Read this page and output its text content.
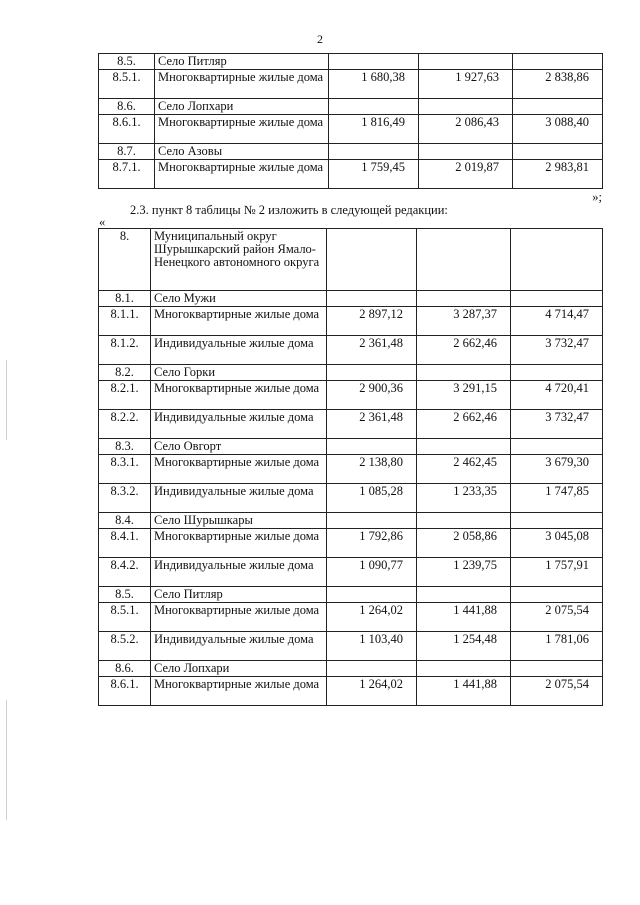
2
8.5.	Село Питляр			
8.5.1.	Многоквартирные жилые дома	1 680,38	1 927,63	2 838,86
8.6.	Село Лопхари			
8.6.1.	Многоквартирные жилые дома	1 816,49	2 086,43	3 088,40
8.7.	Село Азовы			
8.7.1.	Многоквартирные жилые дома	1 759,45	2 019,87	2 983,81
»;
2.3. пункт 8 таблицы № 2 изложить в следующей редакции:
«
8.	Муниципальный округ Шурышкарский район Ямало-Ненецкого автономного округа			
8.1.	Село Мужи			
8.1.1.	Многоквартирные жилые дома	2 897,12	3 287,37	4 714,47
8.1.2.	Индивидуальные жилые дома	2 361,48	2 662,46	3 732,47
8.2.	Село Горки			
8.2.1.	Многоквартирные жилые дома	2 900,36	3 291,15	4 720,41
8.2.2.	Индивидуальные жилые дома	2 361,48	2 662,46	3 732,47
8.3.	Село Овгорт			
8.3.1.	Многоквартирные жилые дома	2 138,80	2 462,45	3 679,30
8.3.2.	Индивидуальные жилые дома	1 085,28	1 233,35	1 747,85
8.4.	Село Шурышкары			
8.4.1.	Многоквартирные жилые дома	1 792,86	2 058,86	3 045,08
8.4.2.	Индивидуальные жилые дома	1 090,77	1 239,75	1 757,91
8.5.	Село Питляр			
8.5.1.	Многоквартирные жилые дома	1 264,02	1 441,88	2 075,54
8.5.2.	Индивидуальные жилые дома	1 103,40	1 254,48	1 781,06
8.6.	Село Лопхари			
8.6.1.	Многоквартирные жилые дома	1 264,02	1 441,88	2 075,54
